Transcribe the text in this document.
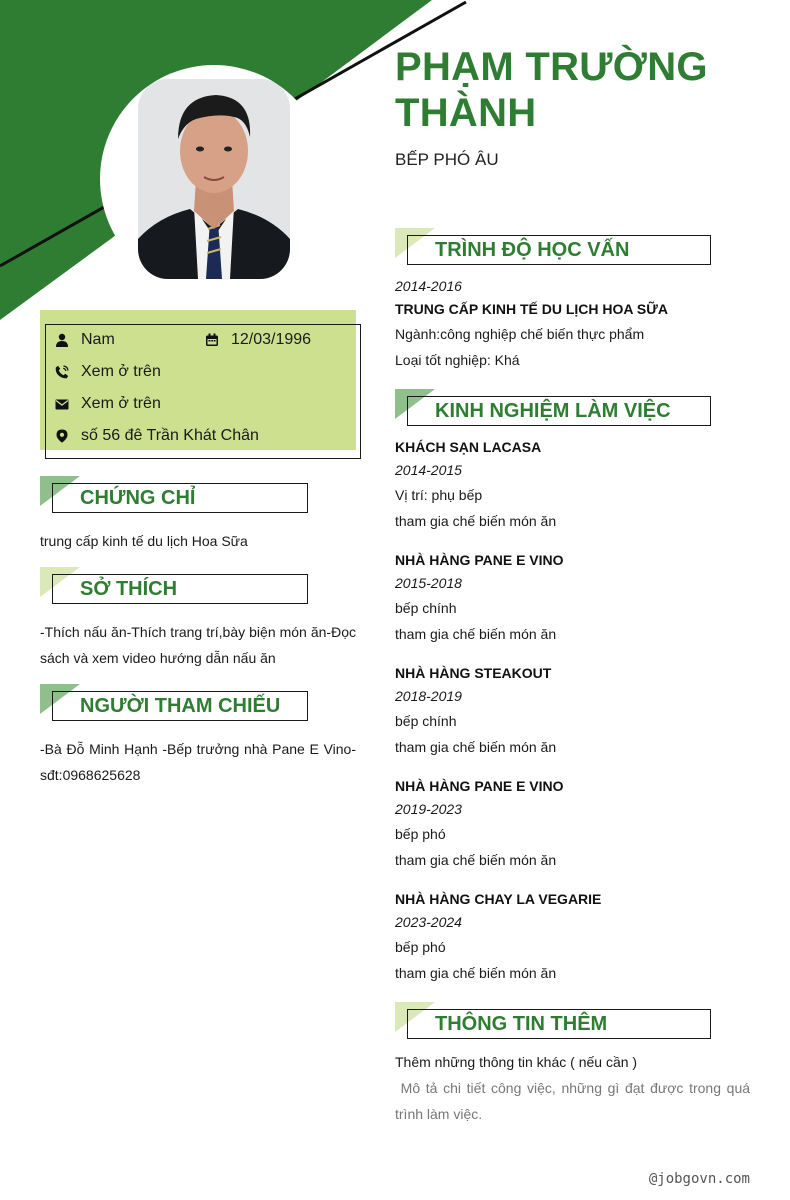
PHẠM TRƯỜNG THÀNH
BẾP PHÓ ÂU
Nam	12/03/1996
Xem ở trên
Xem ở trên
số 56 đê Trần Khát Chân
CHỨNG CHỈ
trung cấp kinh tế du lịch Hoa Sữa
SỞ THÍCH
-Thích nấu ăn-Thích trang trí,bày biện món ăn-Đọc sách và xem video hướng dẫn nấu ăn
NGƯỜI THAM CHIẾU
-Bà Đỗ Minh Hạnh -Bếp trưởng nhà Pane E Vino-sđt:0968625628
TRÌNH ĐỘ HỌC VẤN
2014-2016
TRUNG CẤP KINH TẾ DU LỊCH HOA SỮA
Ngành:công nghiệp chế biến thực phẩm
Loại tốt nghiệp: Khá
KINH NGHIỆM LÀM VIỆC
KHÁCH SẠN LACASA
2014-2015
Vị trí: phụ bếp
tham gia chế biến món ăn
NHÀ HÀNG PANE E VINO
2015-2018
bếp chính
tham gia chế biến món ăn
NHÀ HÀNG STEAKOUT
2018-2019
bếp chính
tham gia chế biến món ăn
NHÀ HÀNG PANE E VINO
2019-2023
bếp phó
tham gia chế biến món ăn
NHÀ HÀNG CHAY LA VEGARIE
2023-2024
bếp phó
tham gia chế biến món ăn
THÔNG TIN THÊM
Thêm những thông tin khác ( nếu cần )
Mô tả chi tiết công việc, những gì đạt được trong quá trình làm việc.
@jobgovn.com
